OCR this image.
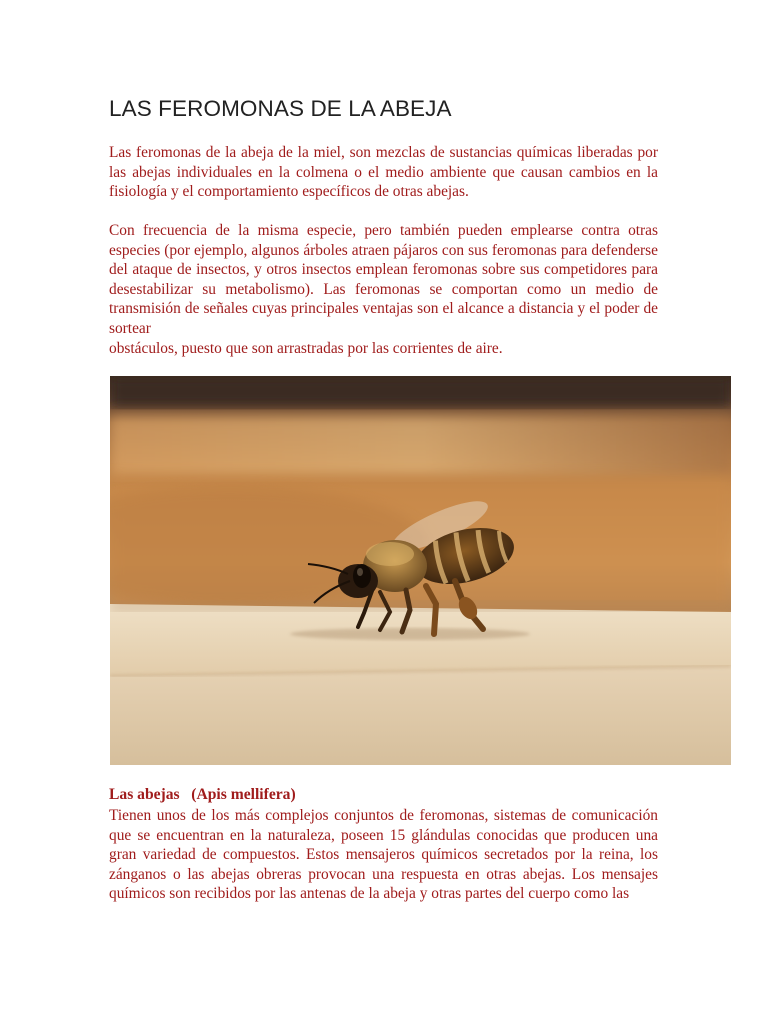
LAS FEROMONAS DE LA ABEJA

Las feromonas de la abeja de la miel, son mezclas de sustancias químicas liberadas por las abejas individuales en la colmena o el medio ambiente que causan cambios en la fisiología y el comportamiento específicos de otras abejas.

Con frecuencia de la misma especie, pero también pueden emplearse contra otras especies (por ejemplo, algunos árboles atraen pájaros con sus feromonas para defenderse del ataque de insectos, y otros insectos emplean feromonas sobre sus competidores para desestabilizar su metabolismo). Las feromonas se comportan como un medio de transmisión de señales cuyas principales ventajas son el alcance a distancia y el poder de sortear
obstáculos, puesto que son arrastradas por las corrientes de aire.

Las abejas   (Apis mellifera)

Tienen unos de los más complejos conjuntos de feromonas, sistemas de comunicación que se encuentran en la naturaleza, poseen 15 glándulas conocidas que producen una gran variedad de compuestos. Estos mensajeros químicos secretados por la reina, los zánganos o las abejas obreras provocan una respuesta en otras abejas. Los mensajes químicos son recibidos por las antenas de la abeja y otras partes del cuerpo como las
